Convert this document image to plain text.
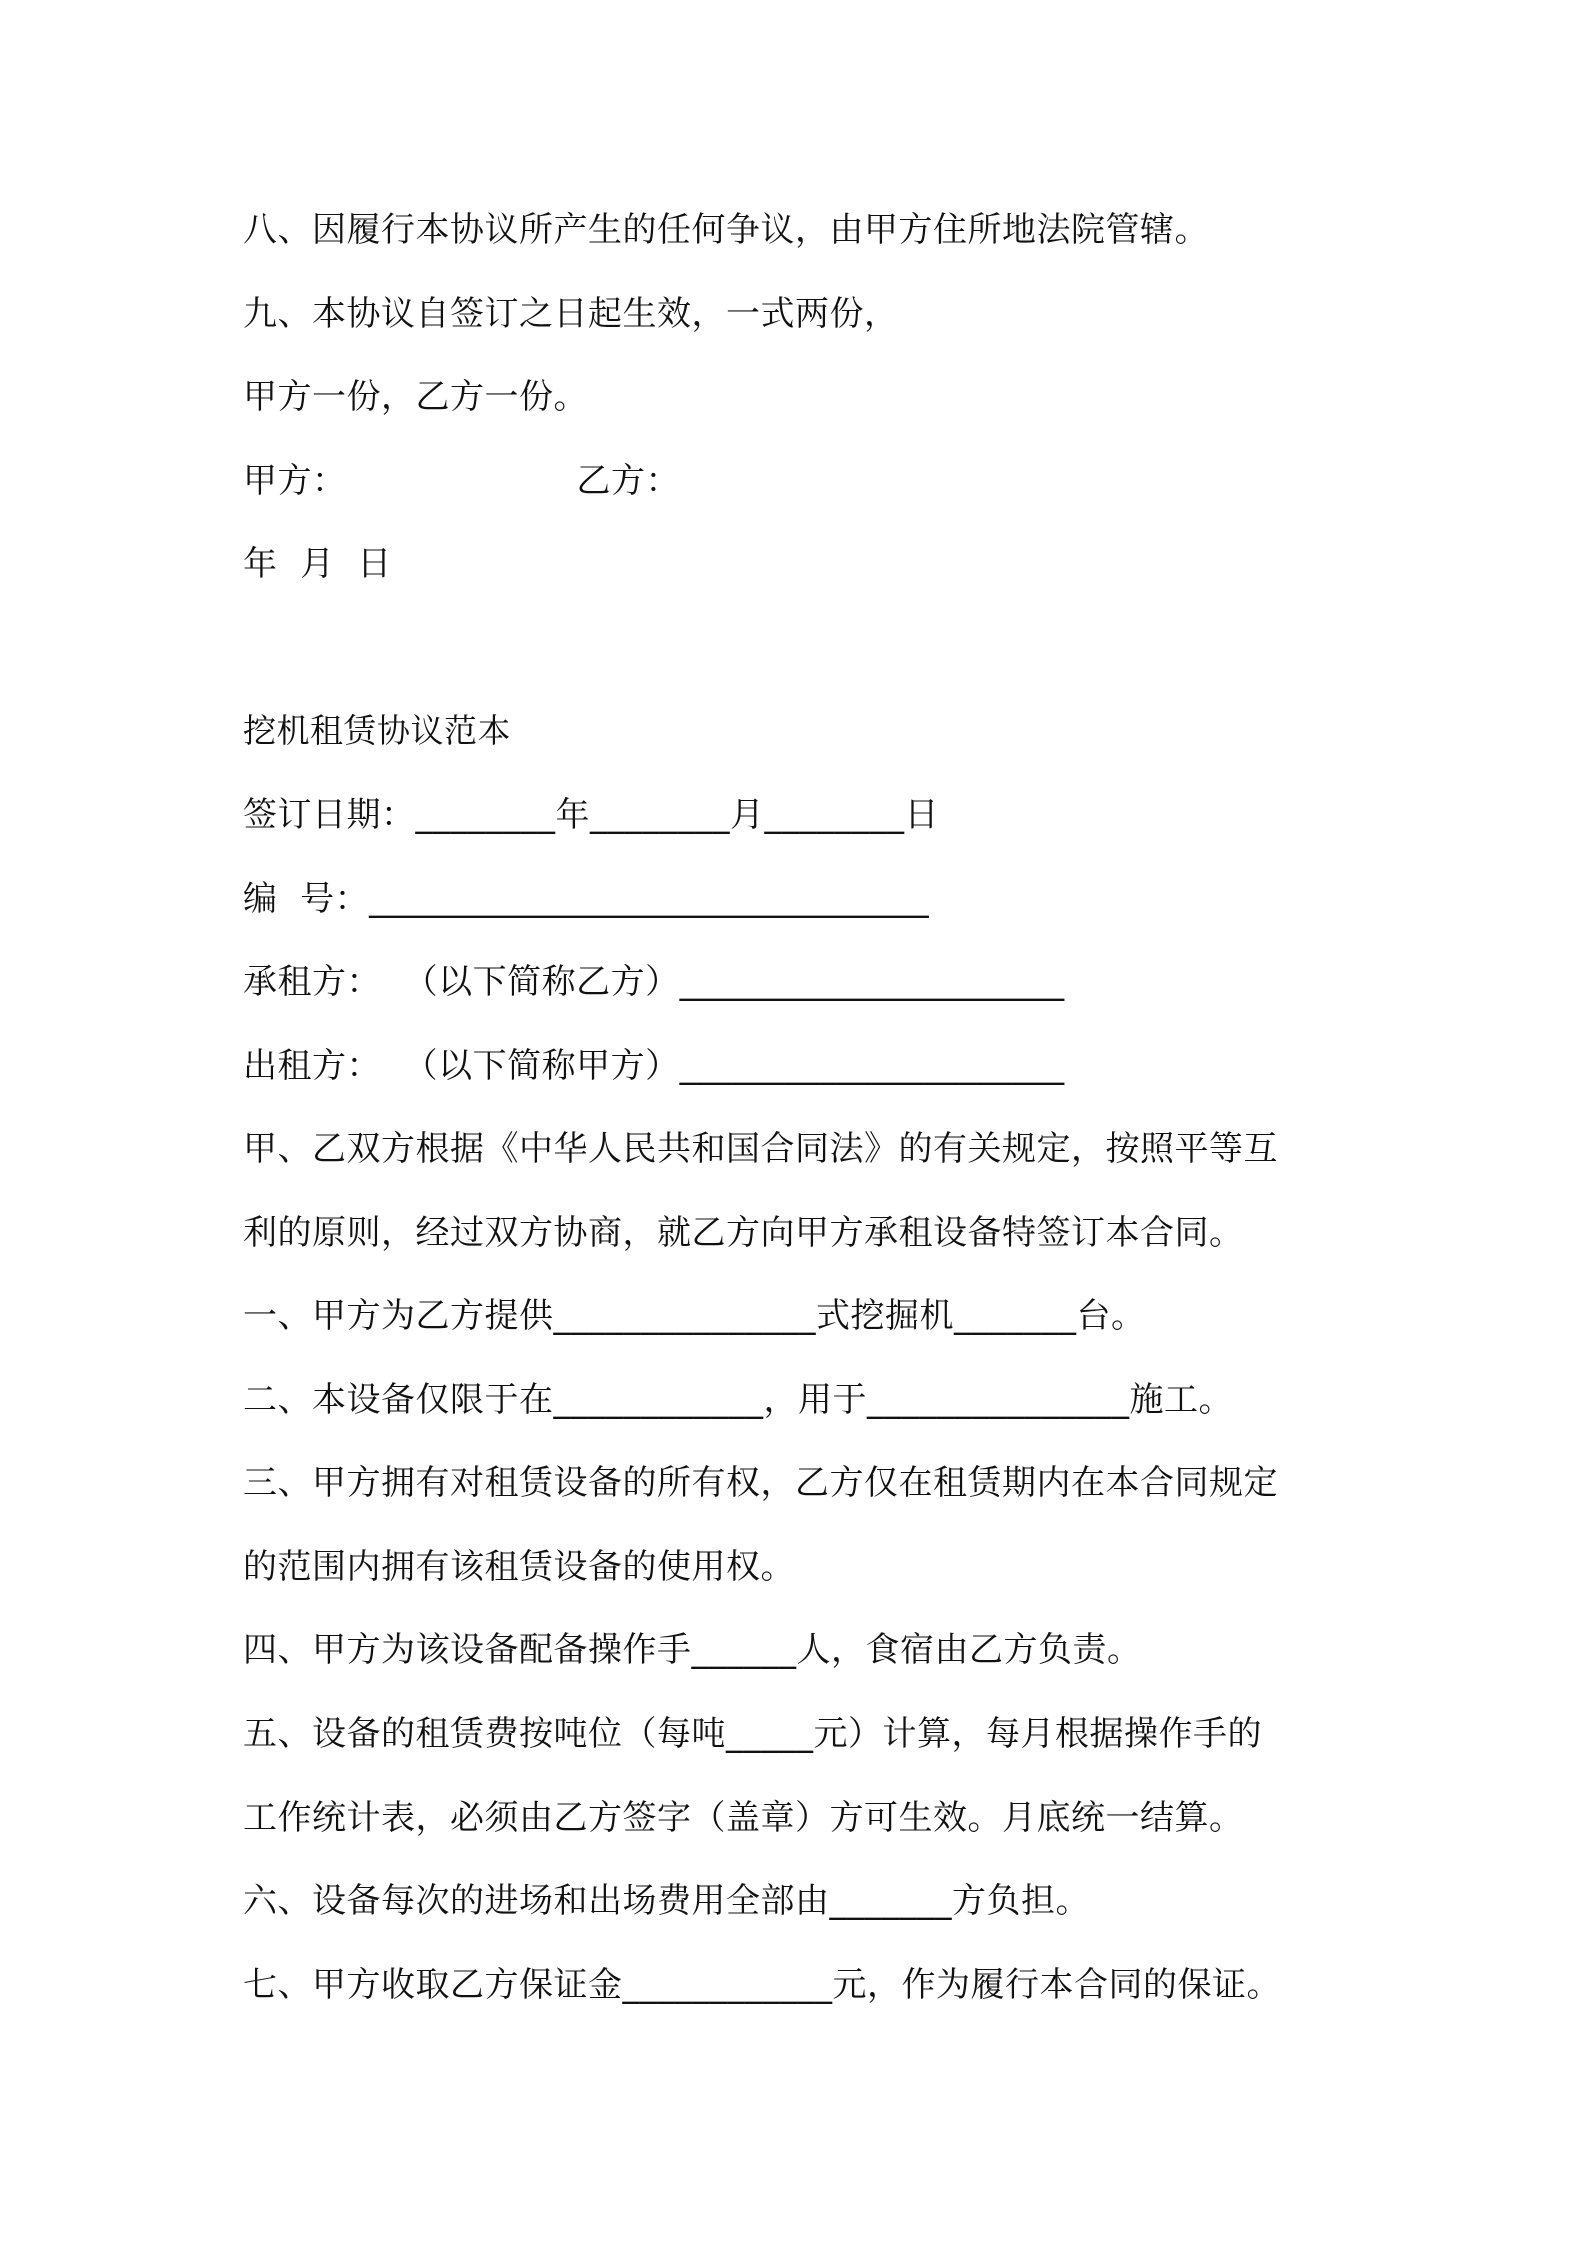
八、因履行本协议所产生的任何争议，由甲方住所地法院管辖。

九、本协议自签订之日起生效，一式两份，

甲方一份，乙方一份。

甲方：	乙方：

年  月  日

挖机租赁协议范本

签订日期：________年________月________日

编  号：________________________________

承租方：  （以下简称乙方）______________________

出租方：  （以下简称甲方）______________________

甲、乙双方根据《中华人民共和国合同法》的有关规定，按照平等互

利的原则，经过双方协商，就乙方向甲方承租设备特签订本合同。

一、甲方为乙方提供_______________式挖掘机_______台。

二、本设备仅限于在____________，用于_______________施工。

三、甲方拥有对租赁设备的所有权，乙方仅在租赁期内在本合同规定

的范围内拥有该租赁设备的使用权。

四、甲方为该设备配备操作手______人，食宿由乙方负责。

五、设备的租赁费按吨位（每吨_____元）计算，每月根据操作手的

工作统计表，必须由乙方签字（盖章）方可生效。月底统一结算。

六、设备每次的进场和出场费用全部由_______方负担。

七、甲方收取乙方保证金____________元，作为履行本合同的保证。
